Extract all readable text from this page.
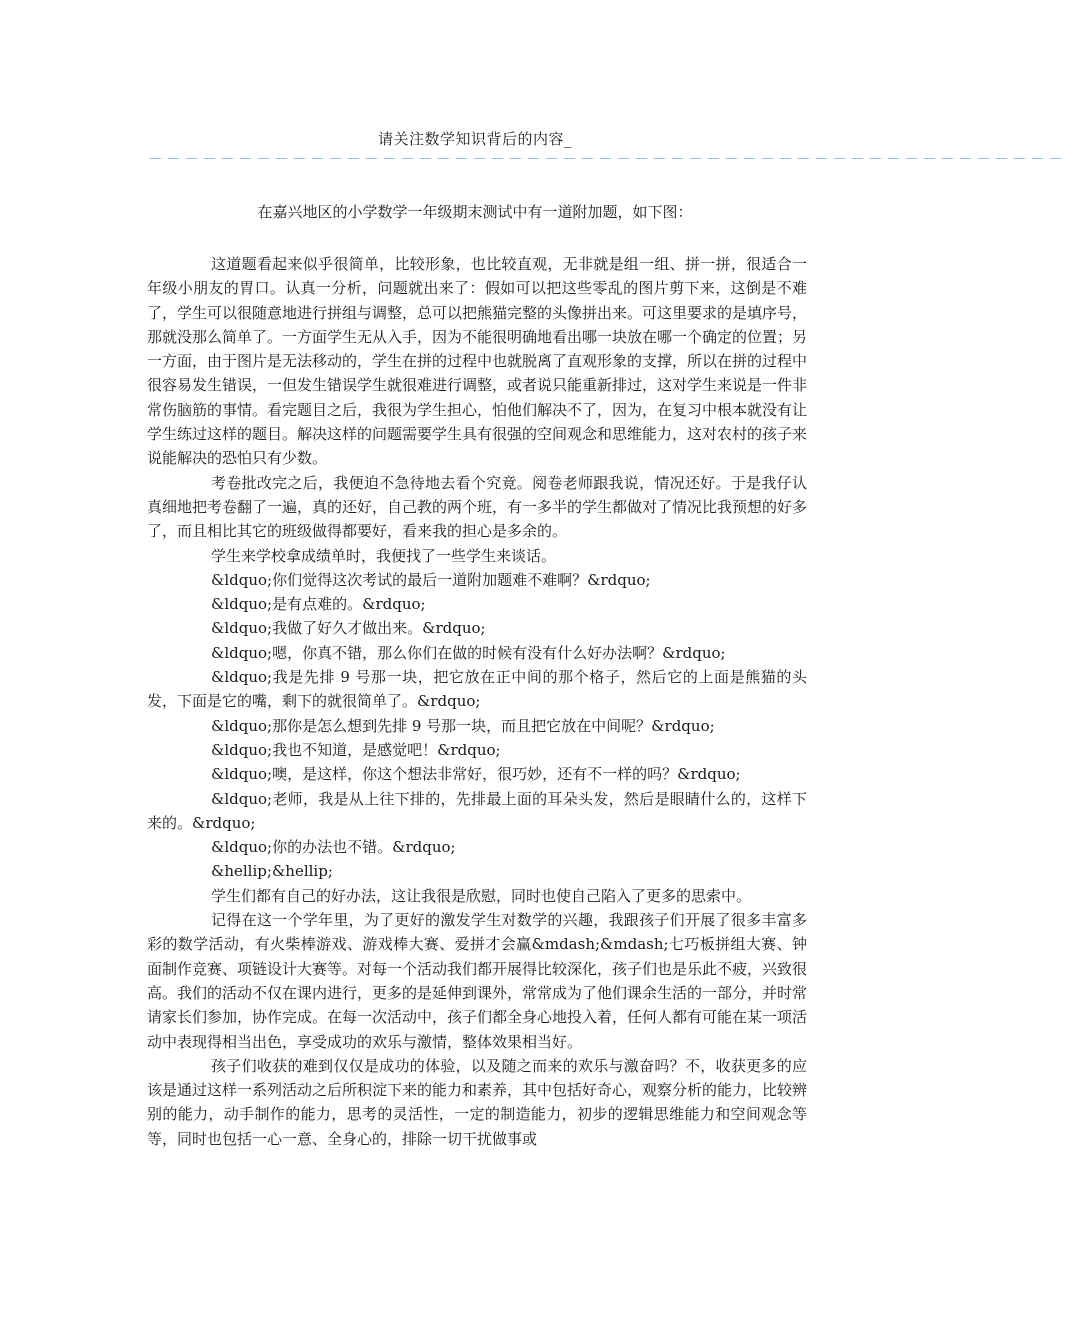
请关注数学知识背后的内容_
－－－－－－－－－－－－－－－－－－－－－－－－－－－－－－－－－－－－－－－－－－－－－－－－－－－
在嘉兴地区的小学数学一年级期末测试中有一道附加题，如下图：

这道题看起来似乎很简单，比较形象，也比较直观，无非就是组一组、拼一拼，很适合一年级小朋友的胃口。认真一分析，问题就出来了：假如可以把这些零乱的图片剪下来，这倒是不难了，学生可以很随意地进行拼组与调整，总可以把熊猫完整的头像拼出来。可这里要求的是填序号，那就没那么简单了。一方面学生无从入手，因为不能很明确地看出哪一块放在哪一个确定的位置；另一方面，由于图片是无法移动的，学生在拼的过程中也就脱离了直观形象的支撑，所以在拼的过程中很容易发生错误，一但发生错误学生就很难进行调整，或者说只能重新排过，这对学生来说是一件非常伤脑筋的事情。看完题目之后，我很为学生担心，怕他们解决不了，因为，在复习中根本就没有让学生练过这样的题目。解决这样的问题需要学生具有很强的空间观念和思维能力，这对农村的孩子来说能解决的恐怕只有少数。

考卷批改完之后，我便迫不急待地去看个究竟。阅卷老师跟我说，情况还好。于是我仔认真细地把考卷翻了一遍，真的还好，自己教的两个班，有一多半的学生都做对了情况比我预想的好多了，而且相比其它的班级做得都要好，看来我的担心是多余的。

学生来学校拿成绩单时，我便找了一些学生来谈话。

&ldquo;你们觉得这次考试的最后一道附加题难不难啊？&rdquo;

&ldquo;是有点难的。&rdquo;

&ldquo;我做了好久才做出来。&rdquo;

&ldquo;嗯，你真不错，那么你们在做的时候有没有什么好办法啊？&rdquo;

&ldquo;我是先排 9 号那一块，把它放在正中间的那个格子，然后它的上面是熊猫的头发，下面是它的嘴，剩下的就很简单了。&rdquo;

&ldquo;那你是怎么想到先排 9 号那一块，而且把它放在中间呢？&rdquo;

&ldquo;我也不知道，是感觉吧！&rdquo;

&ldquo;噢，是这样，你这个想法非常好，很巧妙，还有不一样的吗？&rdquo;

&ldquo;老师，我是从上往下排的，先排最上面的耳朵头发，然后是眼睛什么的，这样下来的。&rdquo;

&ldquo;你的办法也不错。&rdquo;

&hellip;&hellip;

学生们都有自己的好办法，这让我很是欣慰，同时也使自己陷入了更多的思索中。

记得在这一个学年里，为了更好的激发学生对数学的兴趣，我跟孩子们开展了很多丰富多彩的数学活动，有火柴棒游戏、游戏棒大赛、爱拼才会赢&mdash;&mdash;七巧板拼组大赛、钟面制作竞赛、项链设计大赛等。对每一个活动我们都开展得比较深化，孩子们也是乐此不疲，兴致很高。我们的活动不仅在课内进行，更多的是延伸到课外，常常成为了他们课余生活的一部分，并时常请家长们参加，协作完成。在每一次活动中，孩子们都全身心地投入着，任何人都有可能在某一项活动中表现得相当出色，享受成功的欢乐与激情，整体效果相当好。

孩子们收获的难到仅仅是成功的体验，以及随之而来的欢乐与激奋吗？不，收获更多的应该是通过这样一系列活动之后所积淀下来的能力和素养，其中包括好奇心，观察分析的能力，比较辨别的能力，动手制作的能力，思考的灵活性，一定的制造能力，初步的逻辑思维能力和空间观念等等，同时也包括一心一意、全身心的，排除一切干扰做事或
